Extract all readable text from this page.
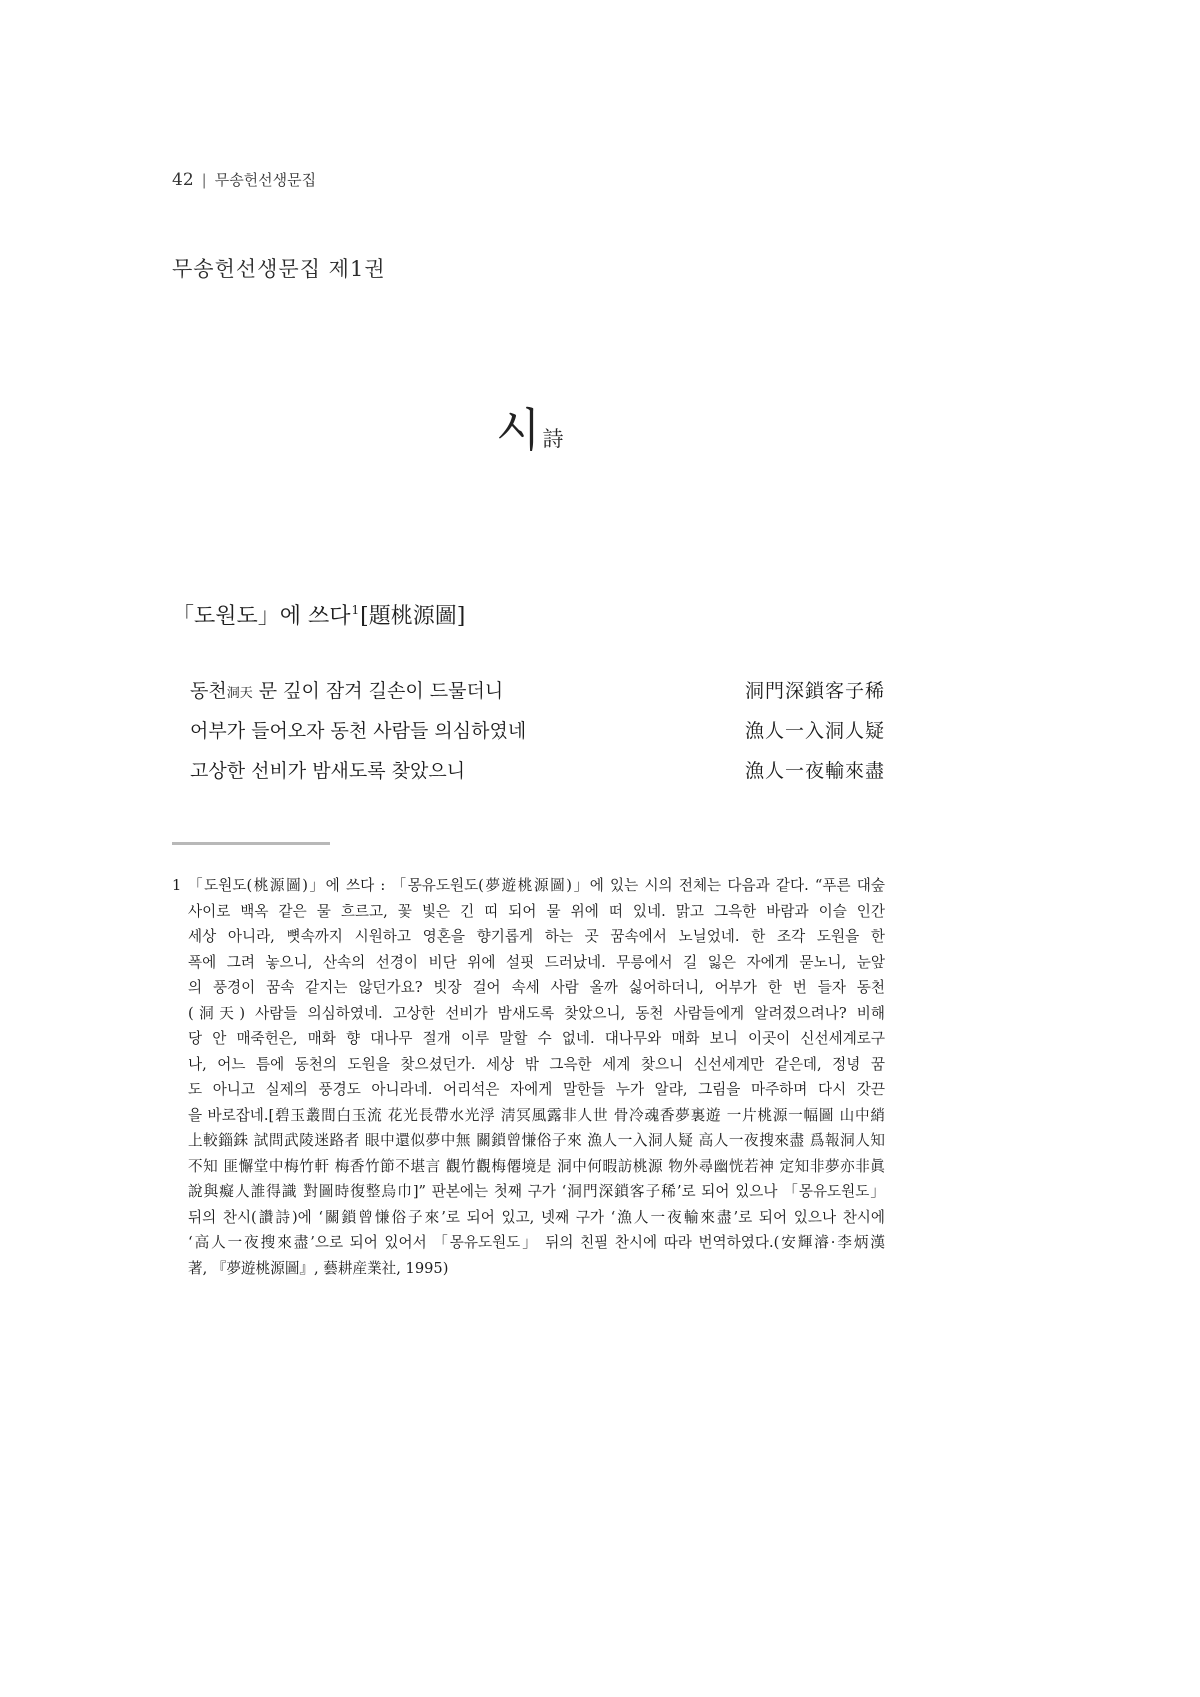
42 | 무송헌선생문집
무송헌선생문집 제1권
시詩
「도원도」에 쓰다$^1$[題桃源圖]
동천洞天 문 깊이 잠겨 길손이 드물더니	洞門深鎖客子稀
어부가 들어오자 동천 사람들 의심하였네	漁人一入洞人疑
고상한 선비가 밤새도록 찾았으니	漁人一夜輸來盡
1 「도원도(桃源圖)」에 쓰다 : 「몽유도원도(夢遊桃源圖)」에 있는 시의 전체는 다음과 같다. “푸른 대숲
사이로 백옥 같은 물 흐르고, 꽃 빛은 긴 띠 되어 물 위에 떠 있네. 맑고 그윽한 바람과 이슬 인간
세상 아니라, 뼛속까지 시원하고 영혼을 향기롭게 하는 곳 꿈속에서 노닐었네. 한 조각 도원을 한
폭에 그려 놓으니, 산속의 선경이 비단 위에 설핏 드러났네. 무릉에서 길 잃은 자에게 묻노니, 눈앞
의 풍경이 꿈속 같지는 않던가요? 빗장 걸어 속세 사람 올까 싫어하더니, 어부가 한 번 들자 동천
(洞天) 사람들 의심하였네. 고상한 선비가 밤새도록 찾았으니, 동천 사람들에게 알려졌으려나? 비해
당 안 매죽헌은, 매화 향 대나무 절개 이루 말할 수 없네. 대나무와 매화 보니 이곳이 신선세계로구
나, 어느 틈에 동천의 도원을 찾으셨던가. 세상 밖 그윽한 세계 찾으니 신선세계만 같은데, 정녕 꿈
도 아니고 실제의 풍경도 아니라네. 어리석은 자에게 말한들 누가 알랴, 그림을 마주하며 다시 갓끈
을 바로잡네.[碧玉叢間白玉流 花光長帶水光浮 淸冥風露非人世 骨冷魂香夢裏遊 一片桃源一幅圖 山中綃
上較錙銖 試問武陵迷路者 眼中還似夢中無 關鎖曾慊俗子來 漁人一入洞人疑 高人一夜搜來盡 爲報洞人知
不知 匪懈堂中梅竹軒 梅香竹節不堪言 觀竹觀梅僊境是 洞中何暇訪桃源 物外尋幽恍若神 定知非夢亦非眞
說與癡人誰得識 對圖時復整烏巾]” 판본에는 첫째 구가 ‘洞門深鎖客子稀’로 되어 있으나 「몽유도원도」
뒤의 찬시(讚詩)에 ‘關鎖曾慊俗子來’로 되어 있고, 넷째 구가 ‘漁人一夜輸來盡’로 되어 있으나 찬시에
‘高人一夜搜來盡’으로 되어 있어서 「몽유도원도」 뒤의 친필 찬시에 따라 번역하였다.(安輝濬·李炳漢
著, 『夢遊桃源圖』, 藝耕産業社, 1995)
